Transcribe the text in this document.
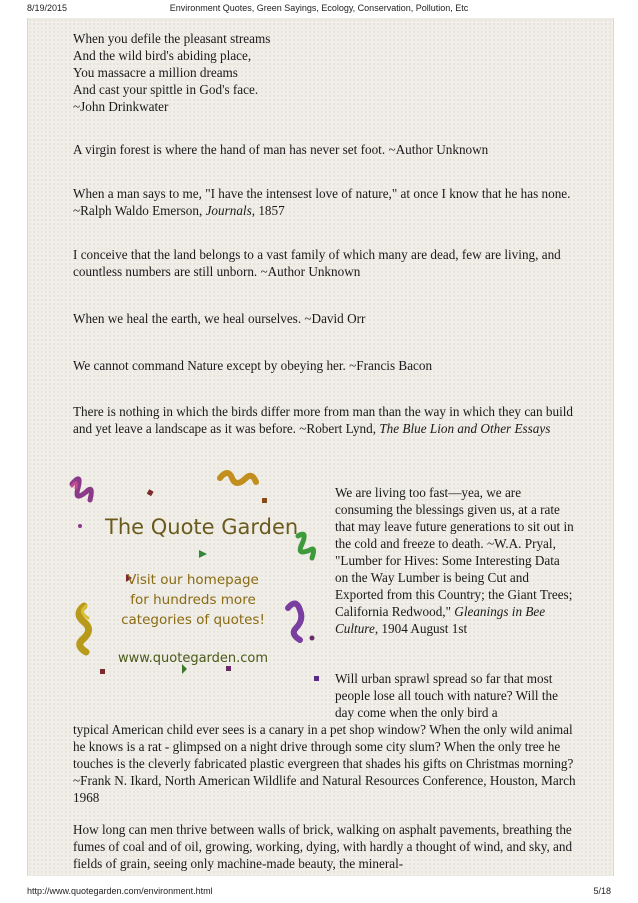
8/19/2015	Environment Quotes, Green Sayings, Ecology, Conservation, Pollution, Etc

When you defile the pleasant streams

And the wild bird's abiding place,

You massacre a million dreams

And cast your spittle in God's face.

~John Drinkwater

A virgin forest is where the hand of man has never set foot. ~Author Unknown
When a man says to me, "I have the intensest love of nature," at once I know that he has none. ~Ralph Waldo Emerson, Journals, 1857
I conceive that the land belongs to a vast family of which many are dead, few are living, and countless numbers are still unborn. ~Author Unknown
When we heal the earth, we heal ourselves. ~David Orr
We cannot command Nature except by obeying her. ~Francis Bacon
There is nothing in which the birds differ more from man than the way in which they can build and yet leave a landscape as it was before. ~Robert Lynd, The Blue Lion and Other Essays
The Quote Garden
Visit our homepage
for hundreds more
categories of quotes!
www.quotegarden.com
We are living too fast—yea, we are consuming the blessings given us, at a rate that may leave future generations to sit out in the cold and freeze to death. ~W.A. Pryal, "Lumber for Hives: Some Interesting Data on the Way Lumber is being Cut and Exported from this Country; the Giant Trees; California Redwood," Gleanings in Bee Culture, 1904 August 1st
Will urban sprawl spread so far that most people lose all touch with nature? Will the day come when the only bird a
typical American child ever sees is a canary in a pet shop window? When the only wild animal he knows is a rat - glimpsed on a night drive through some city slum? When the only tree he touches is the cleverly fabricated plastic evergreen that shades his gifts on Christmas morning? ~Frank N. Ikard, North American Wildlife and Natural Resources Conference, Houston, March 1968
How long can men thrive between walls of brick, walking on asphalt pavements, breathing the fumes of coal and of oil, growing, working, dying, with hardly a thought of wind, and sky, and fields of grain, seeing only machine-made beauty, the mineral-
http://www.quotegarden.com/environment.html	5/18
